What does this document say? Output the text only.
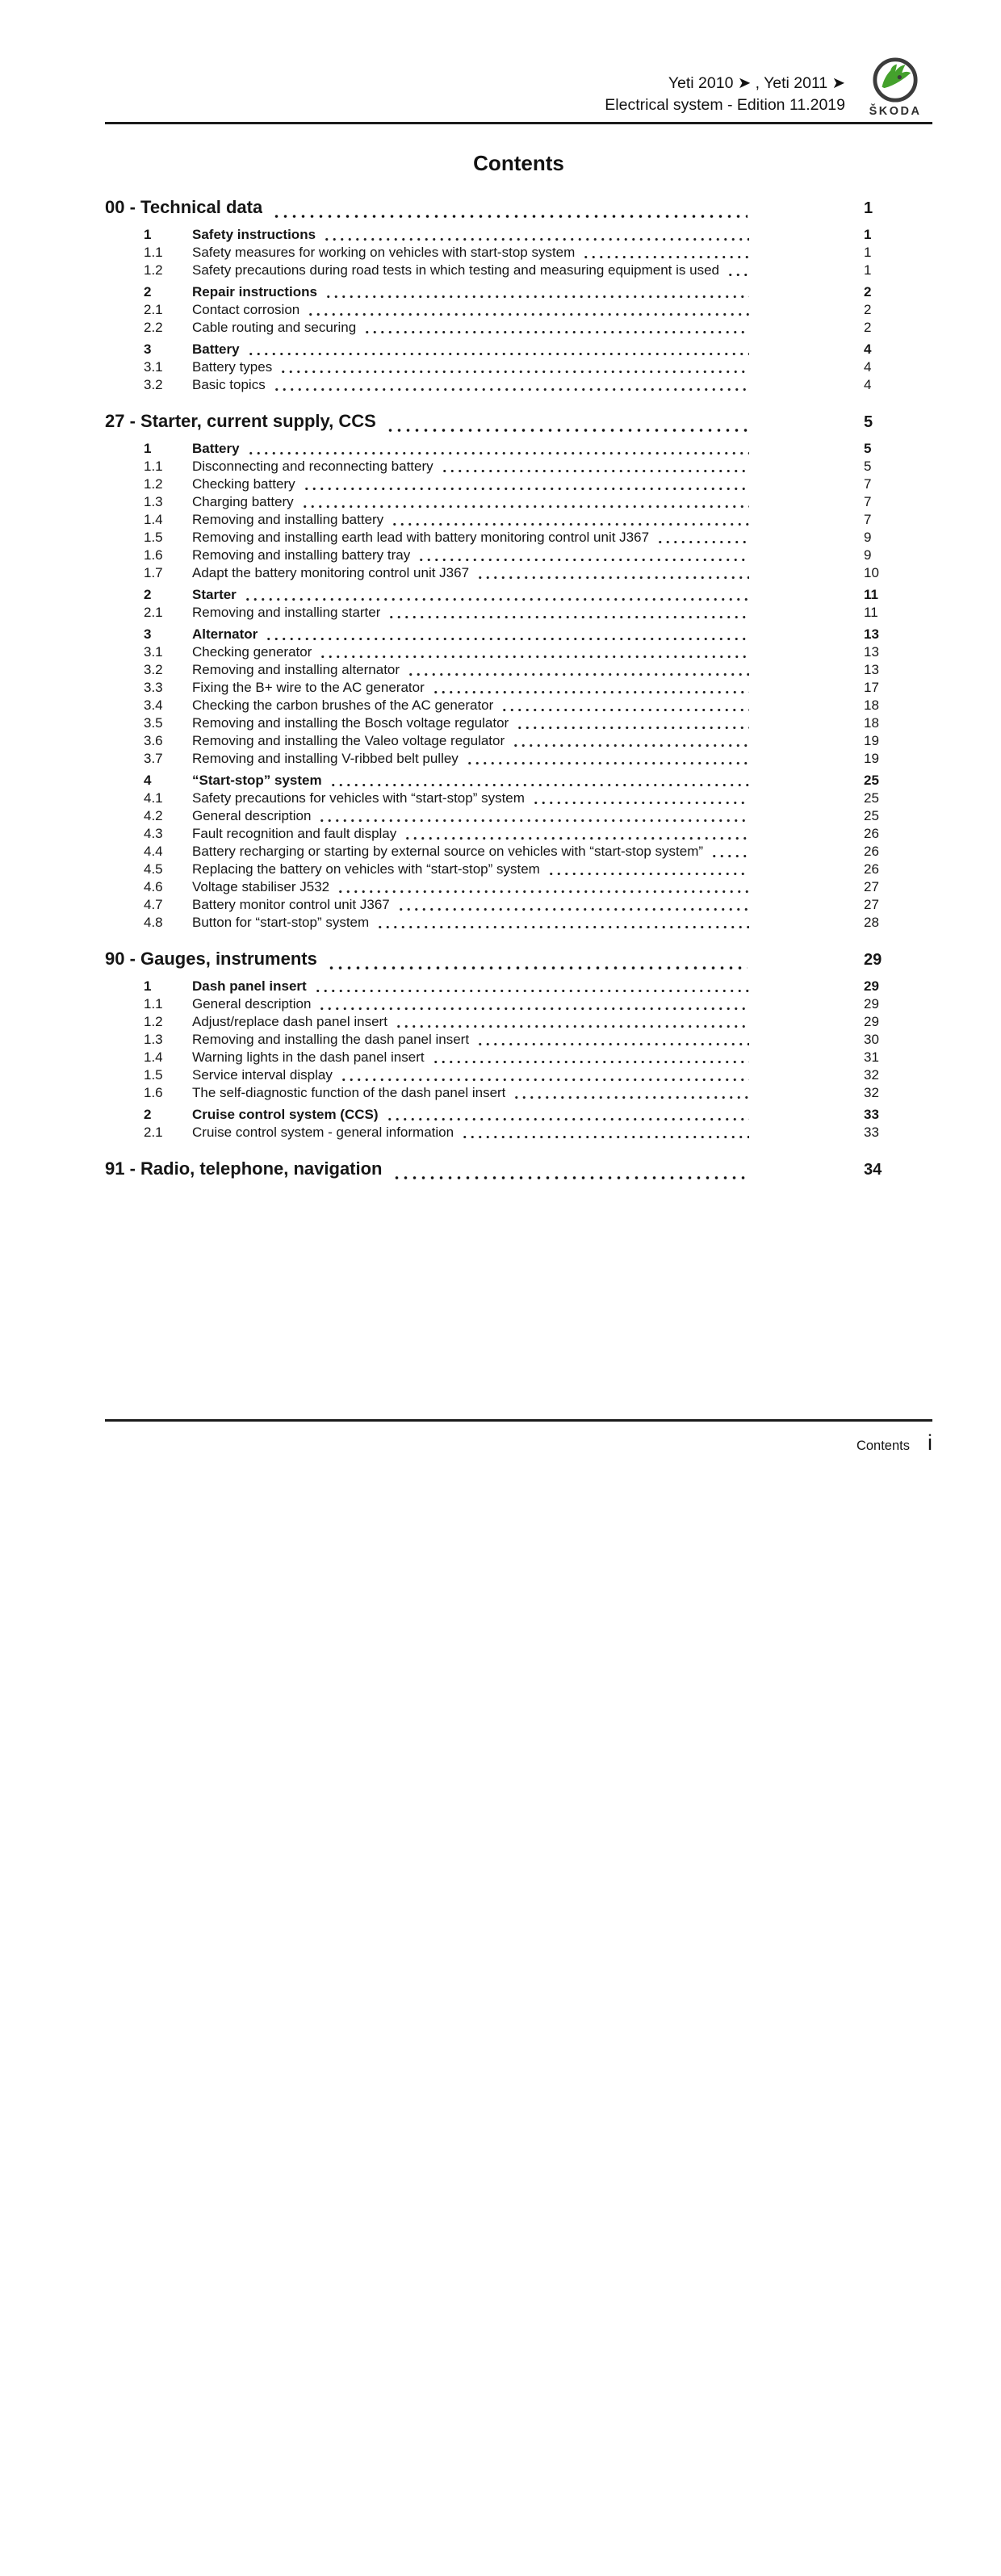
Yeti 2010 ➤ , Yeti 2011 ➤
Electrical system - Edition 11.2019 ŠKODA
Contents
00 - Technical data	1
1	Safety instructions	1
1.1	Safety measures for working on vehicles with start-stop system	1
1.2	Safety precautions during road tests in which testing and measuring equipment is used	1
2	Repair instructions	2
2.1	Contact corrosion	2
2.2	Cable routing and securing	2
3	Battery	4
3.1	Battery types	4
3.2	Basic topics	4
27 - Starter, current supply, CCS	5
1	Battery	5
1.1	Disconnecting and reconnecting battery	5
1.2	Checking battery	7
1.3	Charging battery	7
1.4	Removing and installing battery	7
1.5	Removing and installing earth lead with battery monitoring control unit J367	9
1.6	Removing and installing battery tray	9
1.7	Adapt the battery monitoring control unit J367	10
2	Starter	11
2.1	Removing and installing starter	11
3	Alternator	13
3.1	Checking generator	13
3.2	Removing and installing alternator	13
3.3	Fixing the B+ wire to the AC generator	17
3.4	Checking the carbon brushes of the AC generator	18
3.5	Removing and installing the Bosch voltage regulator	18
3.6	Removing and installing the Valeo voltage regulator	19
3.7	Removing and installing V-ribbed belt pulley	19
4	“Start-stop” system	25
4.1	Safety precautions for vehicles with “start-stop” system	25
4.2	General description	25
4.3	Fault recognition and fault display	26
4.4	Battery recharging or starting by external source on vehicles with “start-stop system”	26
4.5	Replacing the battery on vehicles with “start-stop” system	26
4.6	Voltage stabiliser J532	27
4.7	Battery monitor control unit J367	27
4.8	Button for “start-stop” system	28
90 - Gauges, instruments	29
1	Dash panel insert	29
1.1	General description	29
1.2	Adjust/replace dash panel insert	29
1.3	Removing and installing the dash panel insert	30
1.4	Warning lights in the dash panel insert	31
1.5	Service interval display	32
1.6	The self-diagnostic function of the dash panel insert	32
2	Cruise control system (CCS)	33
2.1	Cruise control system - general information	33
91 - Radio, telephone, navigation	34
Contents i
